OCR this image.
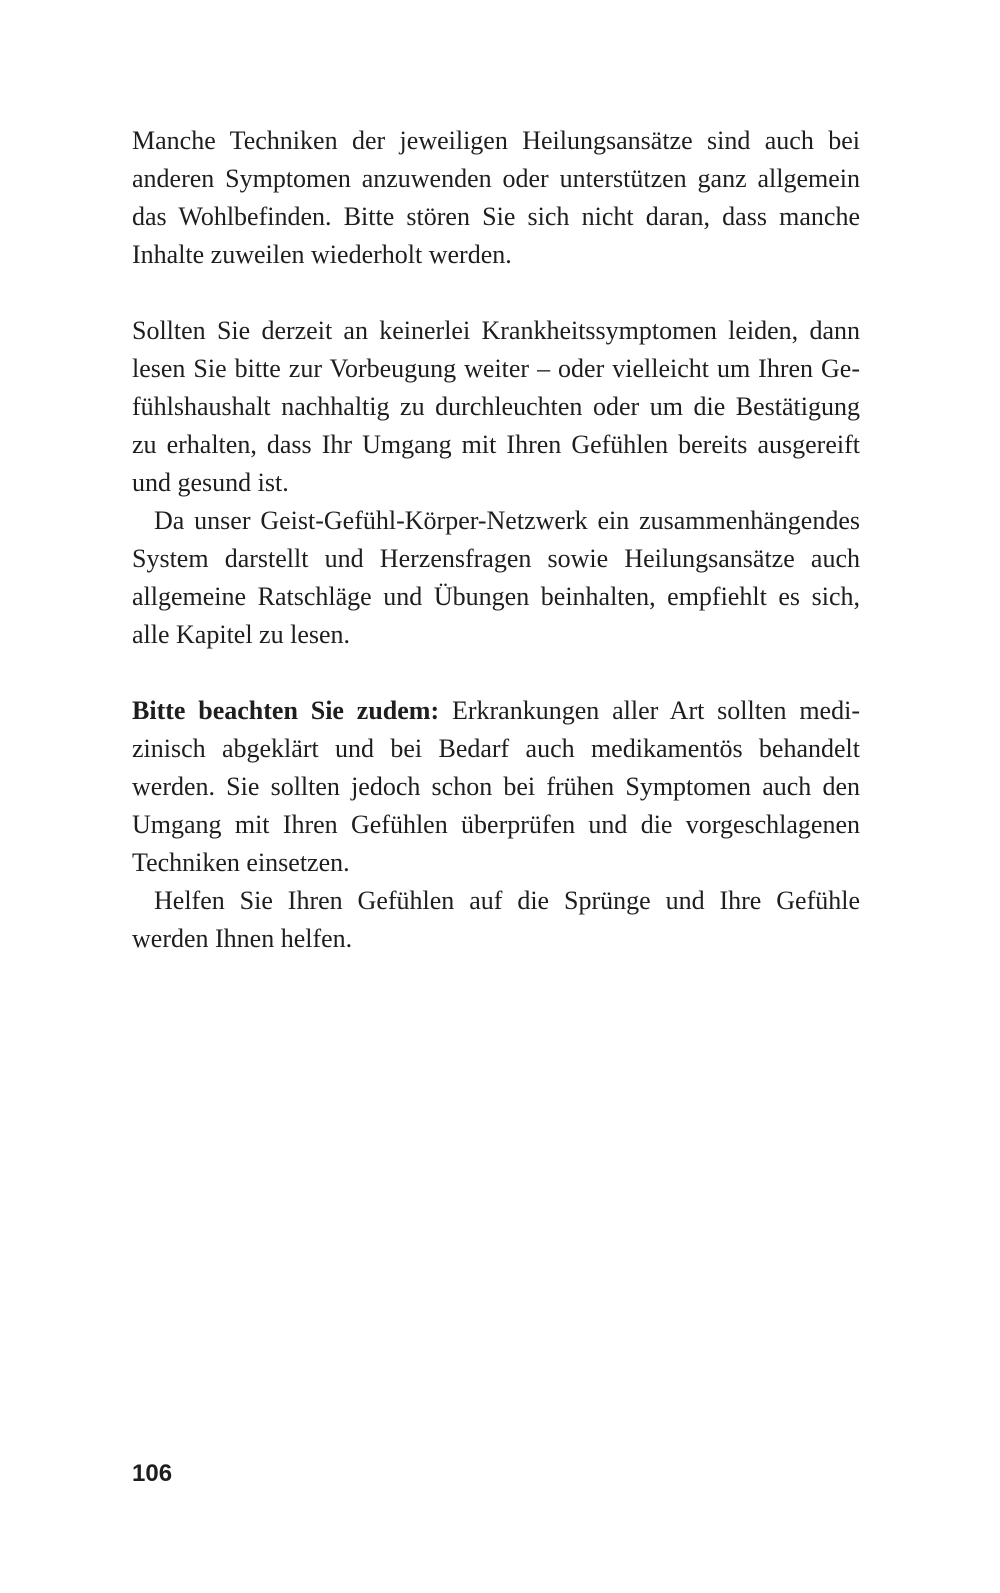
Manche Techniken der jeweiligen Heilungsansätze sind auch bei anderen Symptomen anzuwenden oder unterstützen ganz allgemein das Wohlbefinden. Bitte stören Sie sich nicht daran, dass manche Inhalte zuweilen wiederholt werden.

Sollten Sie derzeit an keinerlei Krankheitssymptomen leiden, dann lesen Sie bitte zur Vorbeugung weiter – oder vielleicht um Ihren Gefühlshaushalt nachhaltig zu durchleuchten oder um die Bestätigung zu erhalten, dass Ihr Umgang mit Ihren Gefühlen bereits ausgereift und gesund ist.

Da unser Geist-Gefühl-Körper-Netzwerk ein zusammenhängendes System darstellt und Herzensfragen sowie Heilungsansätze auch allgemeine Ratschläge und Übungen beinhalten, empfiehlt es sich, alle Kapitel zu lesen.

Bitte beachten Sie zudem: Erkrankungen aller Art sollten medizinisch abgeklärt und bei Bedarf auch medikamentös behandelt werden. Sie sollten jedoch schon bei frühen Symptomen auch den Umgang mit Ihren Gefühlen überprüfen und die vorgeschlagenen Techniken einsetzen.

Helfen Sie Ihren Gefühlen auf die Sprünge und Ihre Gefühle werden Ihnen helfen.

106
